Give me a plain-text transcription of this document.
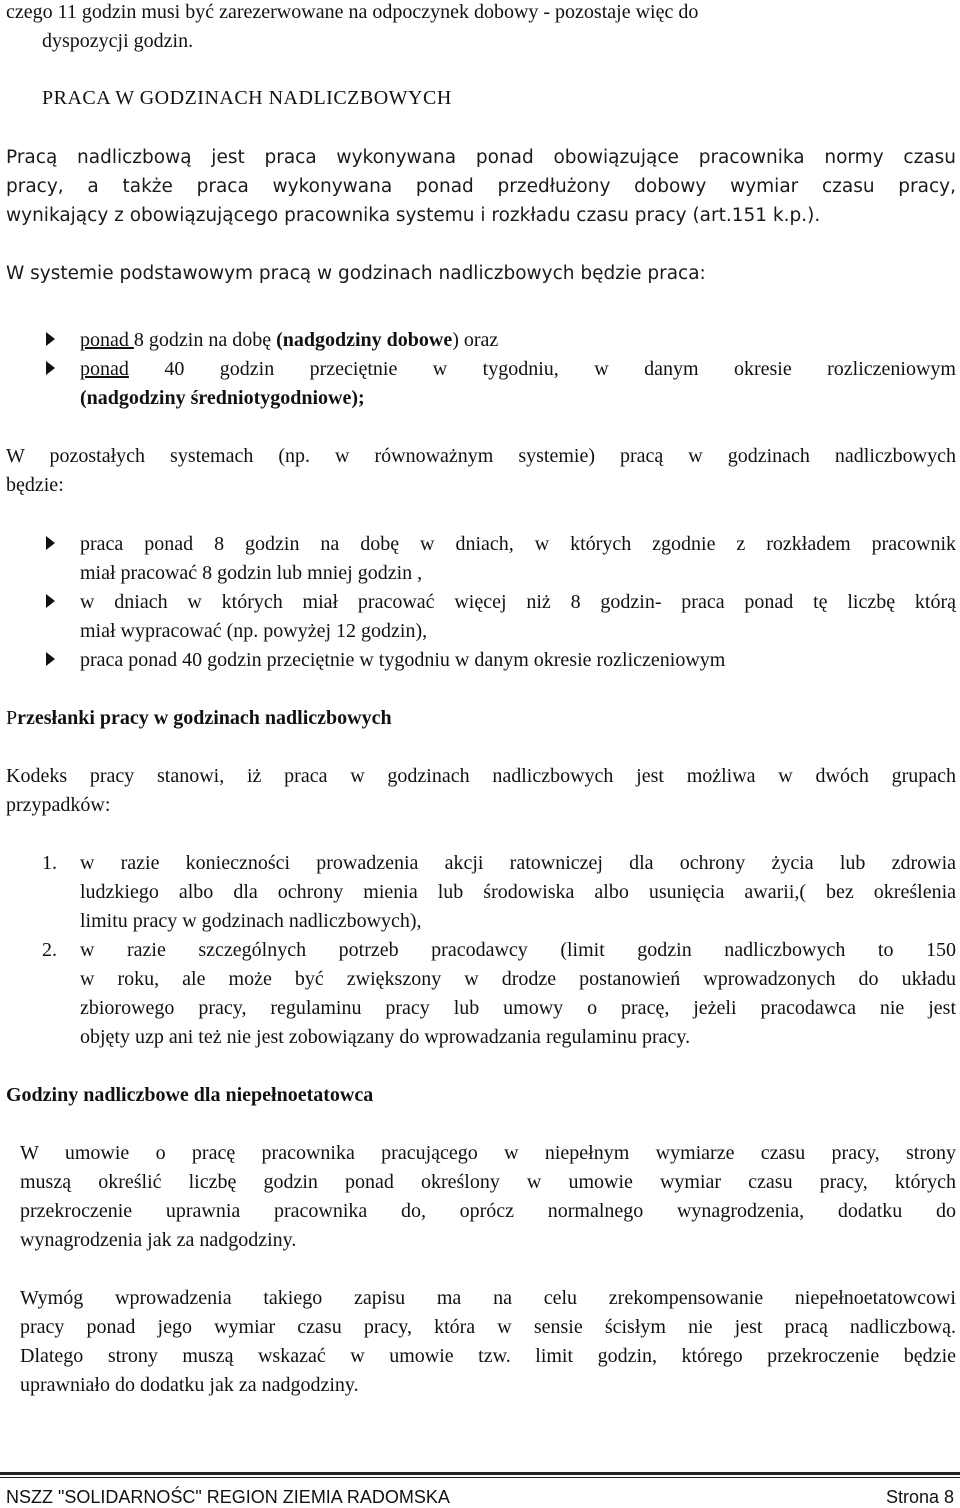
czego 11 godzin musi być zarezerwowane na odpoczynek dobowy - pozostaje więc do

dyspozycji godzin.

PRACA W GODZINACH NADLICZBOWYCH

Pracą nadliczbową jest praca wykonywana ponad obowiązujące pracownika normy czasu

pracy, a także praca wykonywana ponad przedłużony dobowy wymiar czasu pracy,

wynikający z obowiązującego pracownika systemu i rozkładu czasu pracy (art.151 k.p.).

W systemie podstawowym pracą w godzinach nadliczbowych będzie praca:

ponad 8 godzin na dobę (nadgodziny dobowe) oraz

ponad 40 godzin przeciętnie w tygodniu, w danym okresie rozliczeniowym

(nadgodziny średniotygodniowe);

W pozostałych systemach (np. w równoważnym systemie) pracą w godzinach nadliczbowych

będzie:

praca ponad 8 godzin na dobę w dniach, w których zgodnie z rozkładem pracownik

miał pracować 8 godzin lub mniej godzin ,

w dniach w których miał pracować więcej niż 8 godzin- praca ponad tę liczbę którą

miał wypracować (np. powyżej 12 godzin),

praca ponad 40 godzin przeciętnie w tygodniu w danym okresie rozliczeniowym

Przesłanki pracy w godzinach nadliczbowych

Kodeks pracy stanowi, iż praca w godzinach nadliczbowych jest możliwa w dwóch grupach

przypadków:

1. w razie konieczności prowadzenia akcji ratowniczej dla ochrony życia lub zdrowia

ludzkiego albo dla ochrony mienia lub środowiska albo usunięcia awarii,( bez określenia

limitu pracy w godzinach nadliczbowych),

2. w razie szczególnych potrzeb pracodawcy (limit godzin nadliczbowych to 150

w roku, ale może być zwiększony w drodze postanowień wprowadzonych do układu

zbiorowego pracy, regulaminu pracy lub umowy o pracę, jeżeli pracodawca nie jest

objęty uzp ani też nie jest zobowiązany do wprowadzania regulaminu pracy.

Godziny nadliczbowe dla niepełnoetatowca

W umowie o pracę pracownika pracującego w niepełnym wymiarze czasu pracy, strony

muszą określić liczbę godzin ponad określony w umowie wymiar czasu pracy, których

przekroczenie uprawnia pracownika do, oprócz normalnego wynagrodzenia, dodatku do

wynagrodzenia jak za nadgodziny.

Wymóg wprowadzenia takiego zapisu ma na celu zrekompensowanie niepełnoetatowcowi

pracy ponad jego wymiar czasu pracy, która w sensie ścisłym nie jest pracą nadliczbową.

Dlatego strony muszą wskazać w umowie tzw. limit godzin, którego przekroczenie będzie

uprawniało do dodatku jak za nadgodziny.

NSZZ "SOLIDARNOŚC" REGION ZIEMIA RADOMSKA	Strona 8
